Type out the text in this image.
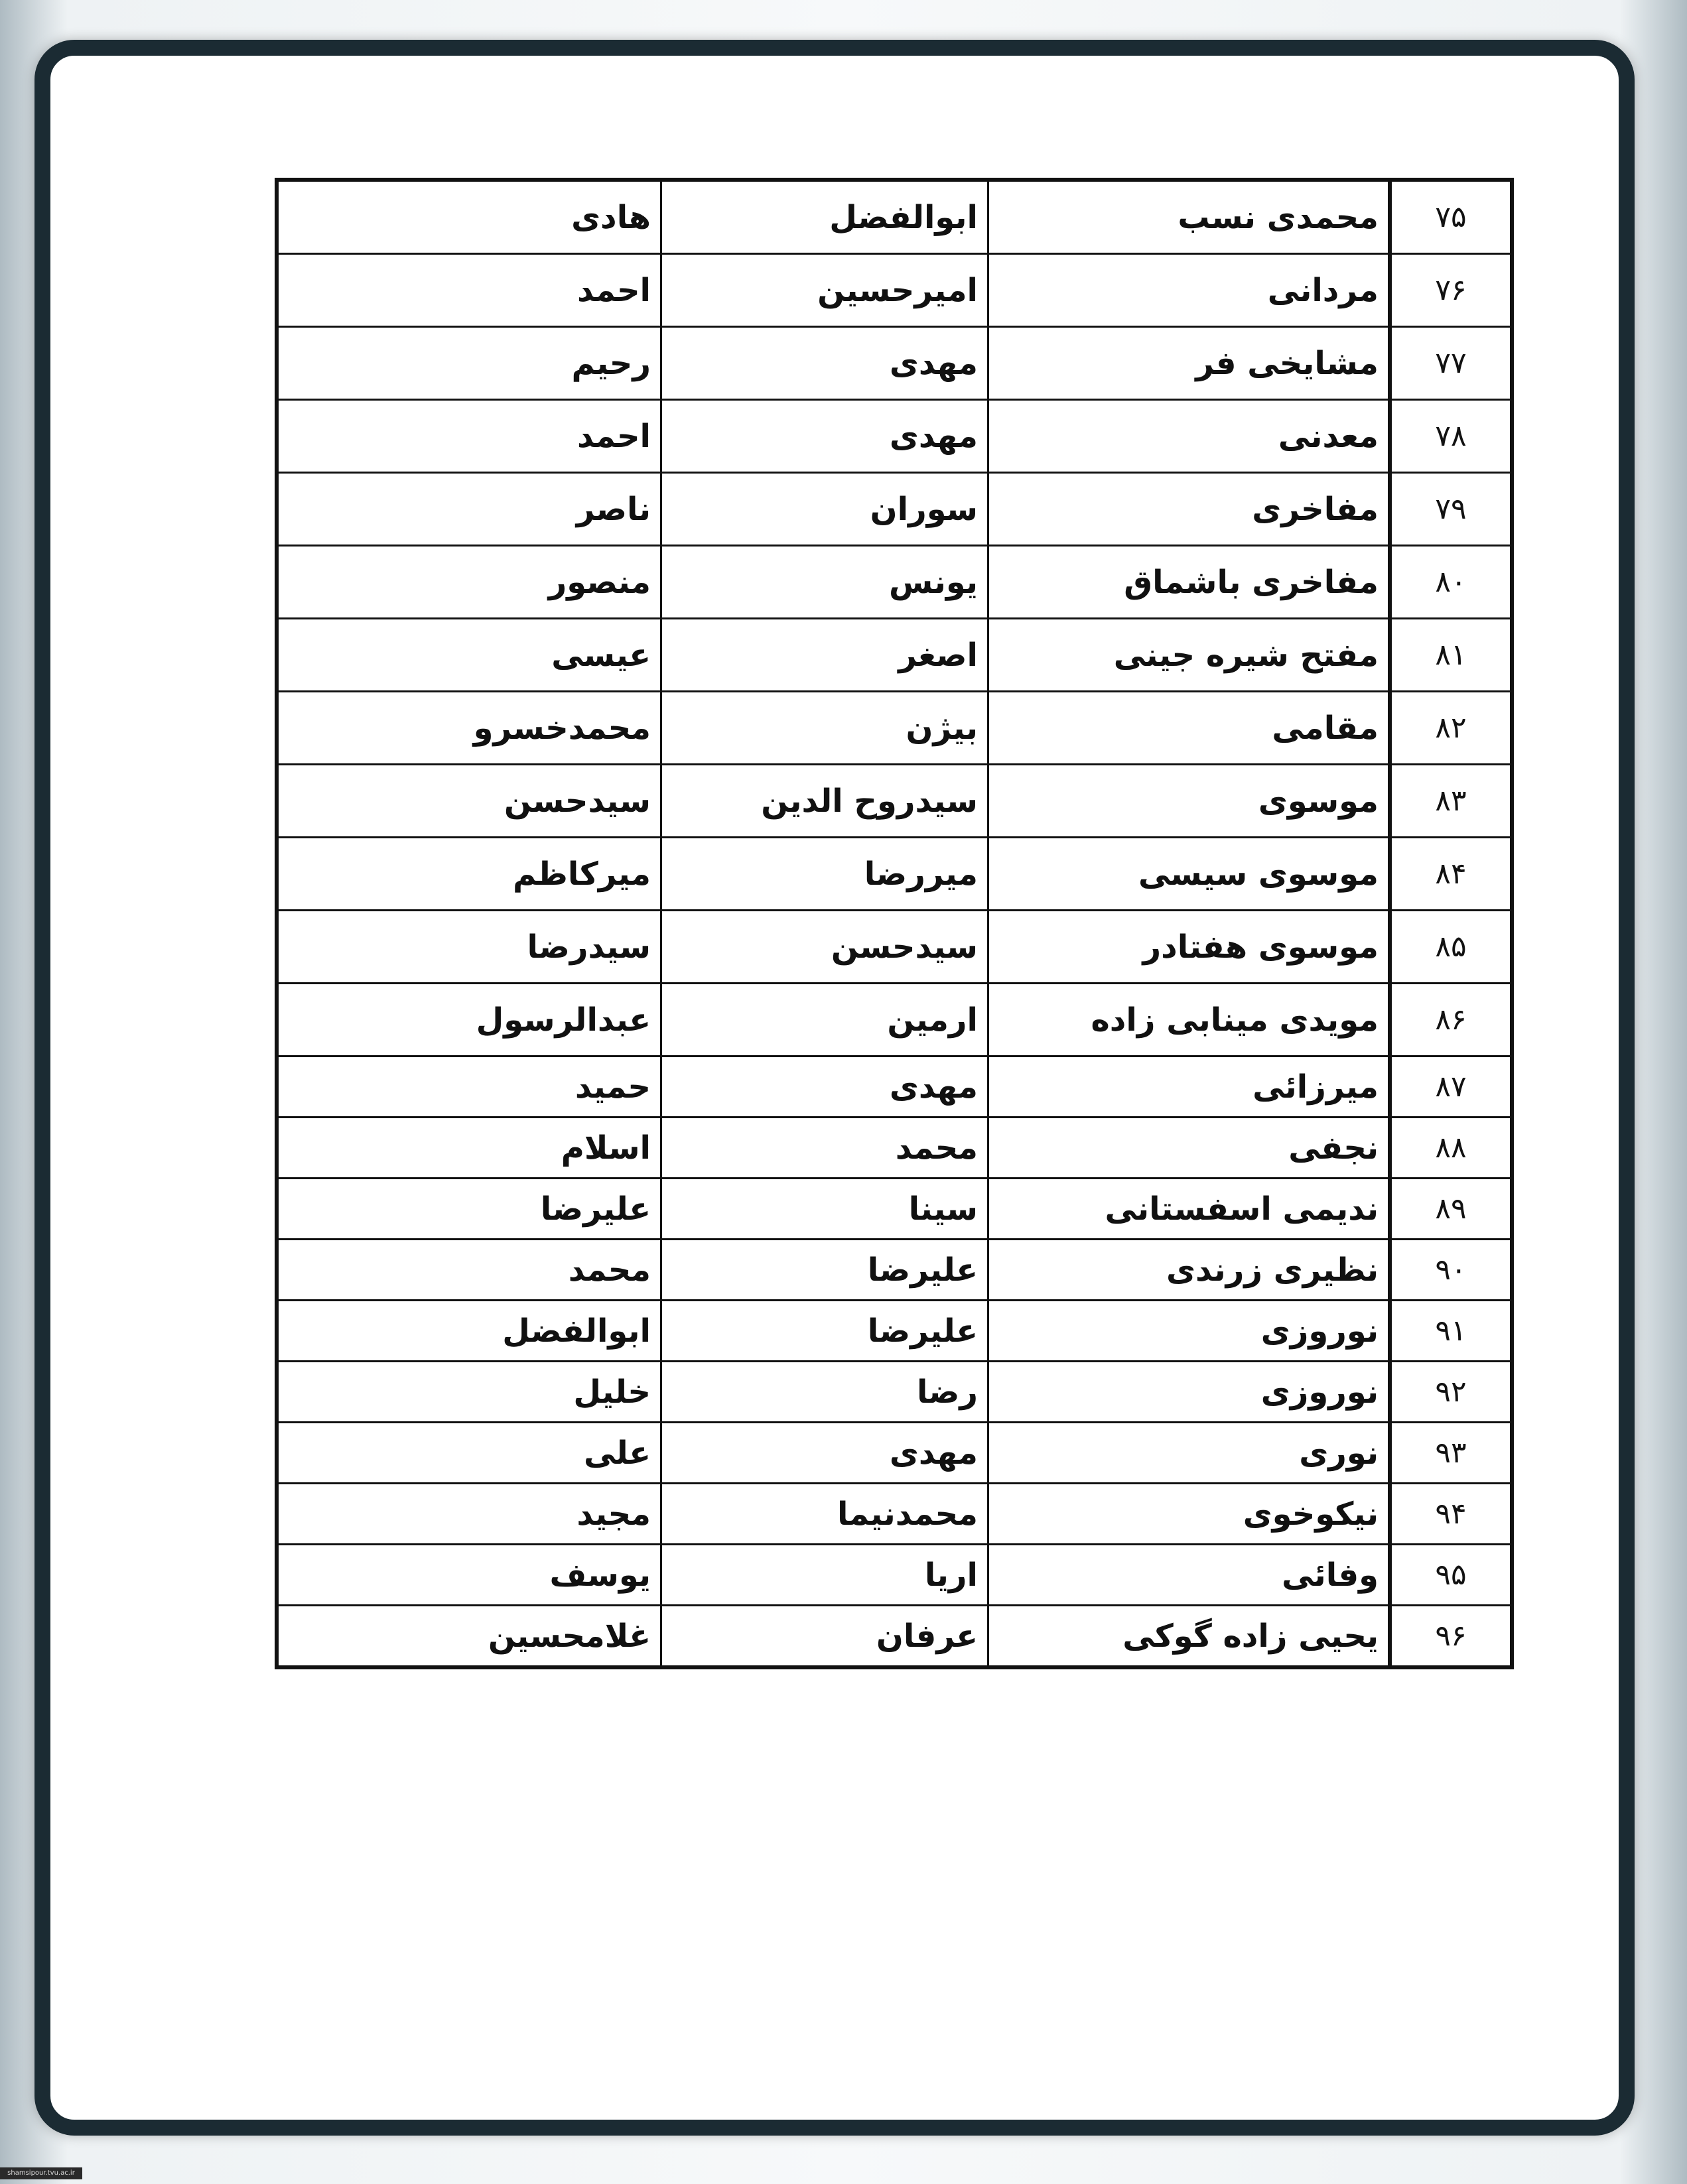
۷۵	محمدی نسب	ابوالفضل	هادی
۷۶	مردانی	امیرحسین	احمد
۷۷	مشایخی فر	مهدی	رحیم
۷۸	معدنی	مهدی	احمد
۷۹	مفاخری	سوران	ناصر
۸۰	مفاخری باشماق	یونس	منصور
۸۱	مفتح شیره جینی	اصغر	عیسی
۸۲	مقامی	بیژن	محمدخسرو
۸۳	موسوی	سیدروح الدین	سیدحسن
۸۴	موسوی سیسی	میررضا	میرکاظم
۸۵	موسوی هفتادر	سیدحسن	سیدرضا
۸۶	مویدی مینابی زاده	ارمین	عبدالرسول
۸۷	میرزائی	مهدی	حمید
۸۸	نجفی	محمد	اسلام
۸۹	ندیمی اسفستانی	سینا	علیرضا
۹۰	نظیری زرندی	علیرضا	محمد
۹۱	نوروزی	علیرضا	ابوالفضل
۹۲	نوروزی	رضا	خلیل
۹۳	نوری	مهدی	علی
۹۴	نیکوخوی	محمدنیما	مجید
۹۵	وفائی	اریا	یوسف
۹۶	یحیی زاده گوکی	عرفان	غلامحسین
shamsipour.tvu.ac.ir
